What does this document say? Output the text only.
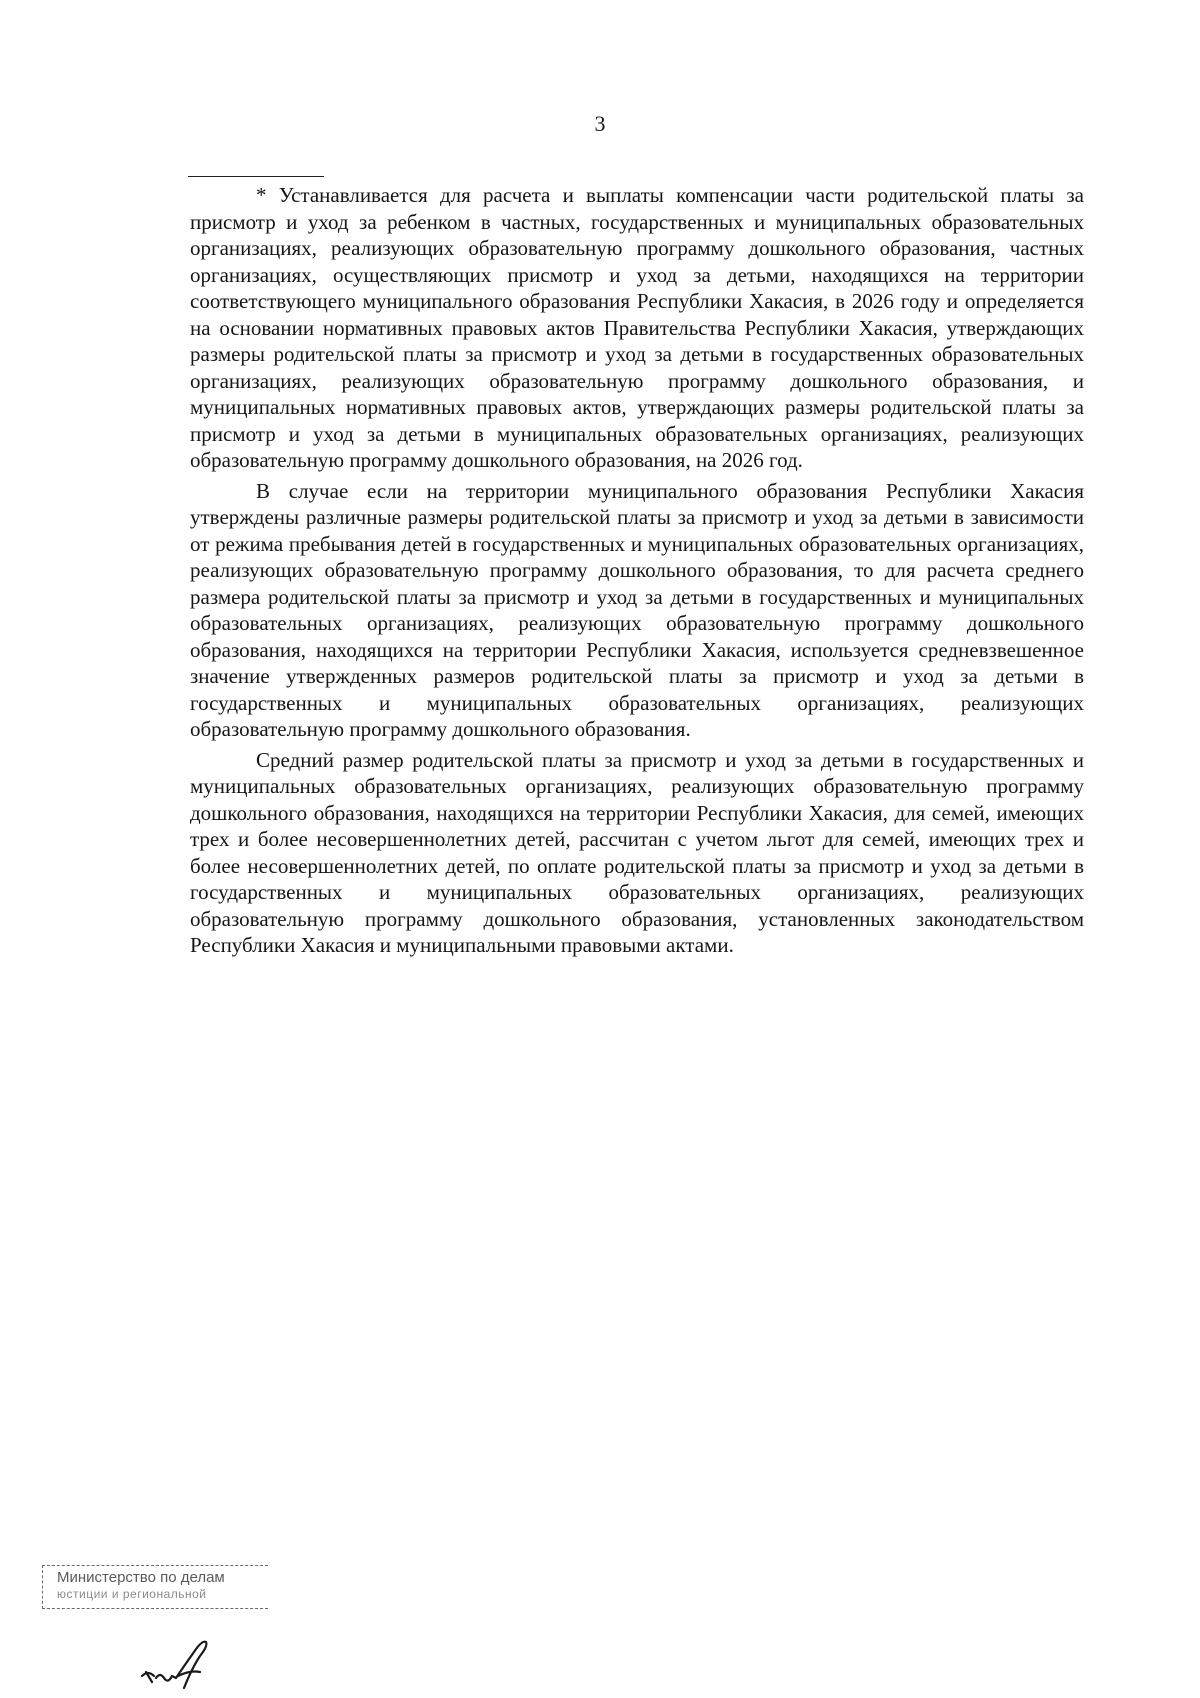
3

* Устанавливается для расчета и выплаты компенсации части родительской платы за присмотр и уход за ребенком в частных, государственных и муниципальных образовательных организациях, реализующих образовательную программу дошкольного образования, частных организациях, осуществляющих присмотр и уход за детьми, находящихся на территории соответствующего муниципального образования Республики Хакасия, в 2026 году и определяется на основании нормативных правовых актов Правительства Республики Хакасия, утверждающих размеры родительской платы за присмотр и уход за детьми в государственных образовательных организациях, реализующих образовательную программу дошкольного образования, и муниципальных нормативных правовых актов, утверждающих размеры родительской платы за присмотр и уход за детьми в муниципальных образовательных организациях, реализующих образовательную программу дошкольного образования, на 2026 год.

В случае если на территории муниципального образования Республики Хакасия утверждены различные размеры родительской платы за присмотр и уход за детьми в зависимости от режима пребывания детей в государственных и муниципальных образовательных организациях, реализующих образовательную программу дошкольного образования, то для расчета среднего размера родительской платы за присмотр и уход за детьми в государственных и муниципальных образовательных организациях, реализующих образовательную программу дошкольного образования, находящихся на территории Республики Хакасия, используется средневзвешенное значение утвержденных размеров родительской платы за присмотр и уход за детьми в государственных и муниципальных образовательных организациях, реализующих образовательную программу дошкольного образования.

Средний размер родительской платы за присмотр и уход за детьми в государственных и муниципальных образовательных организациях, реализующих образовательную программу дошкольного образования, находящихся на территории Республики Хакасия, для семей, имеющих трех и более несовершеннолетних детей, рассчитан с учетом льгот для семей, имеющих трех и более несовершеннолетних детей, по оплате родительской платы за присмотр и уход за детьми в государственных и муниципальных образовательных организациях, реализующих образовательную программу дошкольного образования, установленных законодательством Республики Хакасия и муниципальными правовыми актами.

Министерство по делам
юстиции и региональной
